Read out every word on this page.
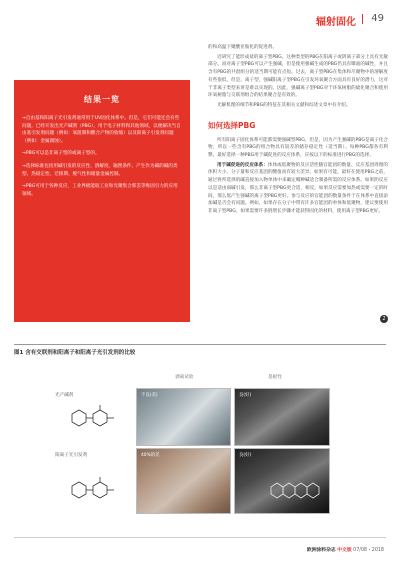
辐射固化 49
结果一览
→自由基和阳离子光引发剂通常用于UV固化体系中。但是，它们可能还会有些问题，已经开发出光产碱剂（PBG），用于电子材料和其他领域，以便解决当自由基引发剂问题（例如：氧阻制和酸合产物的收缩）以及阳离子引发剂问题（例如：金属腐蚀）。
→PBG可以是非离子型的或离子型的。
→选择标准包括用碱引发的反应性、溶解度、辐照条件、产生作为碱的碱的类型、热稳定性、迁移期、脱气性和储量金属控制。
→PBG可用于各种反应，工业界极能取工业和光聚集合那丢等维固引力的应用领域。

的和高温下聚酸亚胺化的促进剂。

近研究了能形成盐的离子型PBG。这种类型的PBG在阳离子或阴离子部分上具有光敏部分。而对离子型PBG可以产生强碱，但是使用强碱生成的PBG仍具有曝面的碱性，并且含有PBG的共混组分的适当期可能有点短。过去，离子型PBG在集体和尽聚物中的溶解度有些很低，但是，离子型，强碱阳离子型PBG在引发环氧聚合方面具有良好的潜力，这对于非离子类型来讲是难以实现的。因此，强碱离子型PBG对于环氧树脂的硫化聚合和使用环氧树脂与交联剂组合的结果聚合是有效的。

光解机理的细节和PBG的特征在其相关文献和综述文章中有介绍。

如何选择PBG

所有阳离子固化体系可能都需要强碱型PBG，但是，因为产生强碱的PBG是离子化合物，所以一些含有PBG的组合物具有较差的储存稳定性（适当期）。每种PBG都各有利弊，最好选择一种PBG用于碱促进的反应体系，应按以下的标准进行PBG的选择。

用于碱促进的反应体系：体体或低聚物的反应活性随官能团的数量、反应基团周围的体积大小、分子量和反应基团的酸值而有较大差异。如果有可能，最好在使用PBG之前，通过将所选择的碱直接加入物单体中来确定哪种碱适合制备所需的反应体系。如果阴反应以是适由弱碱引发，那么非离子型PBG更合适，相反，如果反应需要加热或需要一定的时间，那么低产生强碱的离子型PBG更好。参与反应的官能团的数量条件于在体系中直接添加碱是否会有问题。例如，如果存在分子中带有许多官能团的单体和低聚物，建议要使用非离子型PBG，如果需要许多链增长步骤才能获得固化的材料，使用离子型PBG更好。

2
图1 含有交联剂和阳离子和阳离子光引发剂的比较
剥离试验	基板性
光产碱剂
阳离子光引发剂
不良(差)	良(好)
40%的差	良(好)
欧洲涂料杂志 中文版 07/08・2018
